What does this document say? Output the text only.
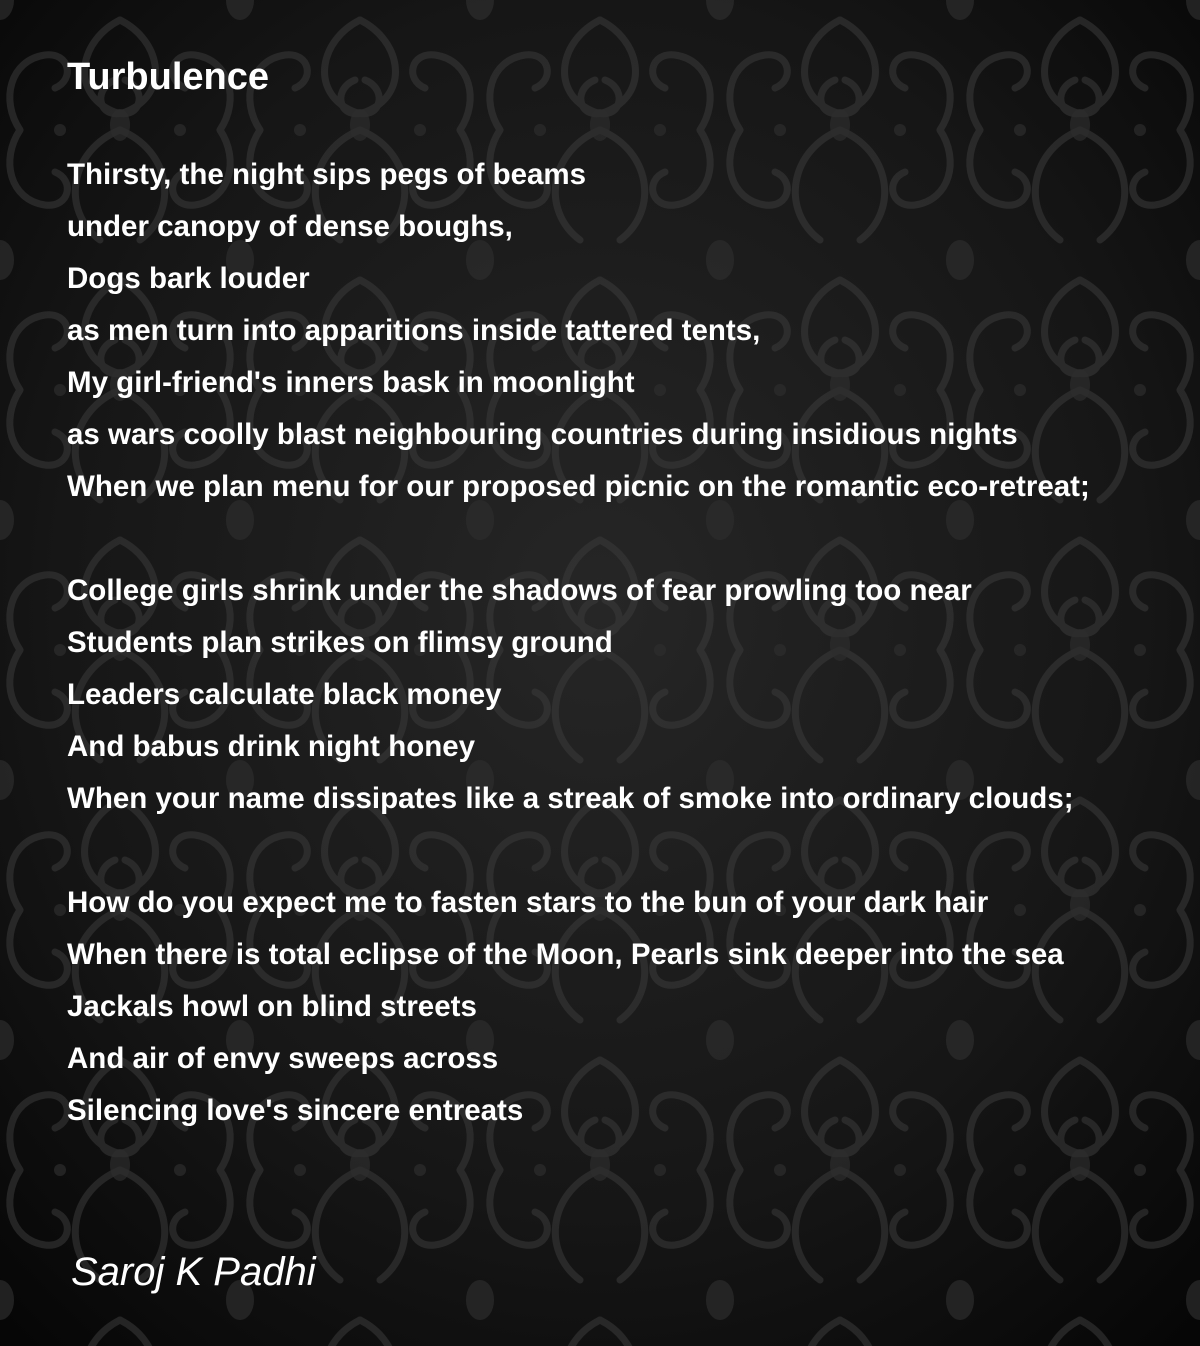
Turbulence
Thirsty, the night sips pegs of beams
under canopy of dense boughs,
Dogs bark louder
as men turn into apparitions inside tattered tents,
My girl-friend's inners bask in moonlight
as wars coolly blast neighbouring countries during insidious nights
When we plan menu for our proposed picnic on the romantic eco-retreat;
College girls shrink under the shadows of fear prowling too near
Students plan strikes on flimsy ground
Leaders calculate black money
And babus drink night honey
When your name dissipates like a streak of smoke into ordinary clouds;
How do you expect me to fasten stars to the bun of your dark hair
When there is total eclipse of the Moon, Pearls sink deeper into the sea
Jackals howl on blind streets
And air of envy sweeps across
Silencing love's sincere entreats
Saroj K Padhi
